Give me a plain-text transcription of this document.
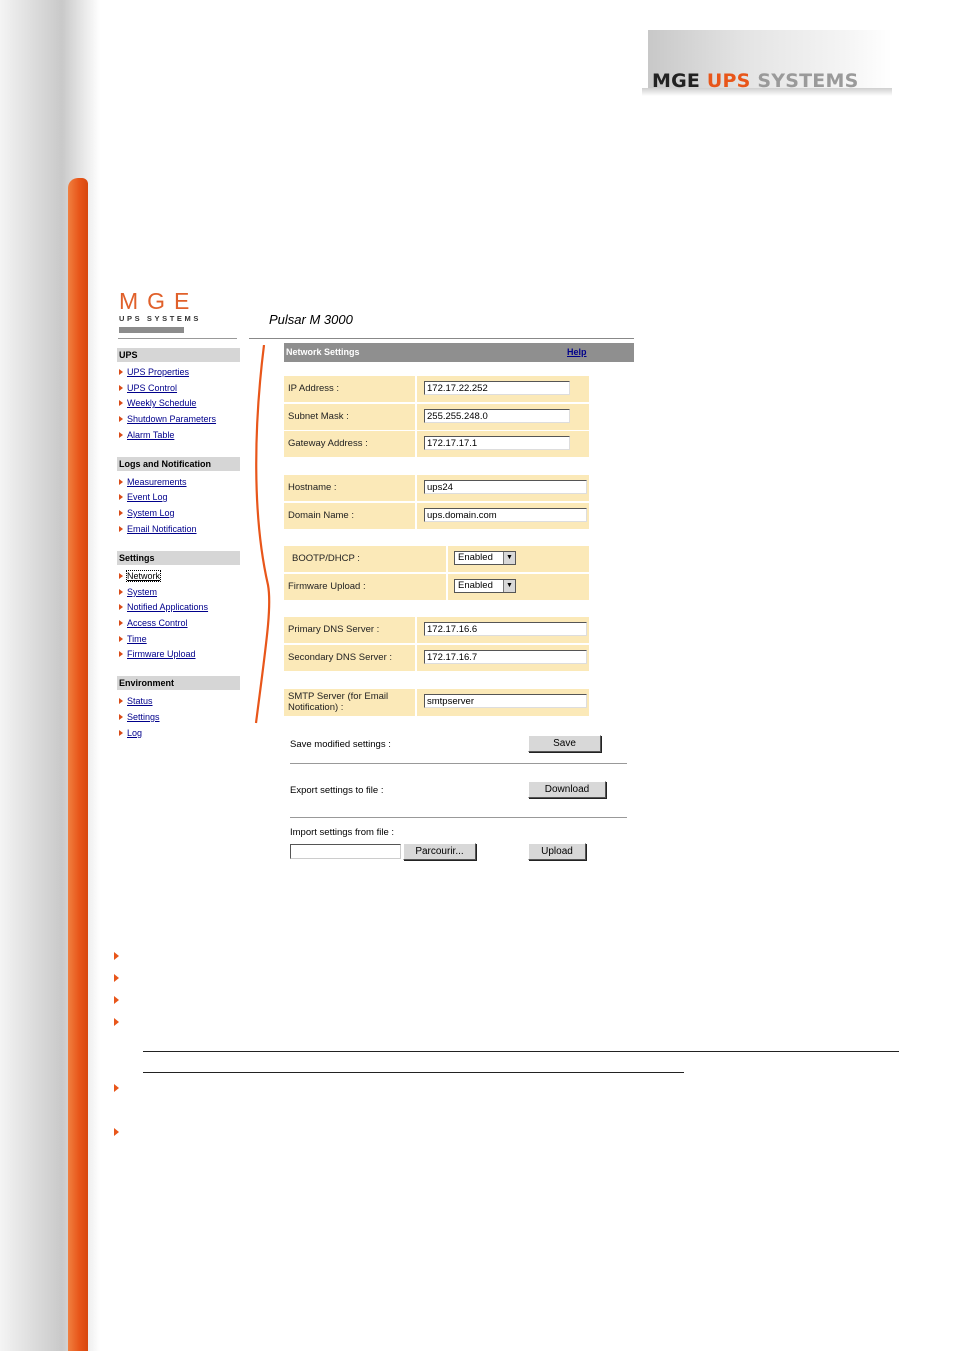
MGE UPS SYSTEMS
MGE
UPS SYSTEMS	Pulsar M 3000
UPS
UPS Properties
UPS Control
Weekly Schedule
Shutdown Parameters
Alarm Table
Logs and Notification
Measurements
Event Log
System Log
Email Notification
Settings
Network
System
Notified Applications
Access Control
Time
Firmware Upload
Environment
Status
Settings
Log
Network Settings	Help
IP Address :
172.17.22.252
Subnet Mask :
255.255.248.0
Gateway Address :
172.17.17.1
Hostname :
ups24
Domain Name :
ups.domain.com
BOOTP/DHCP :	Enabled	▼
Firmware Upload :	Enabled	▼
Primary DNS Server :
172.17.16.6
Secondary DNS Server :
172.17.16.7
SMTP Server (for Email
Notification) :
smtpserver
Save modified settings :	Save
Export settings to file :	Download
Import settings from file :
Parcourir...	Upload
